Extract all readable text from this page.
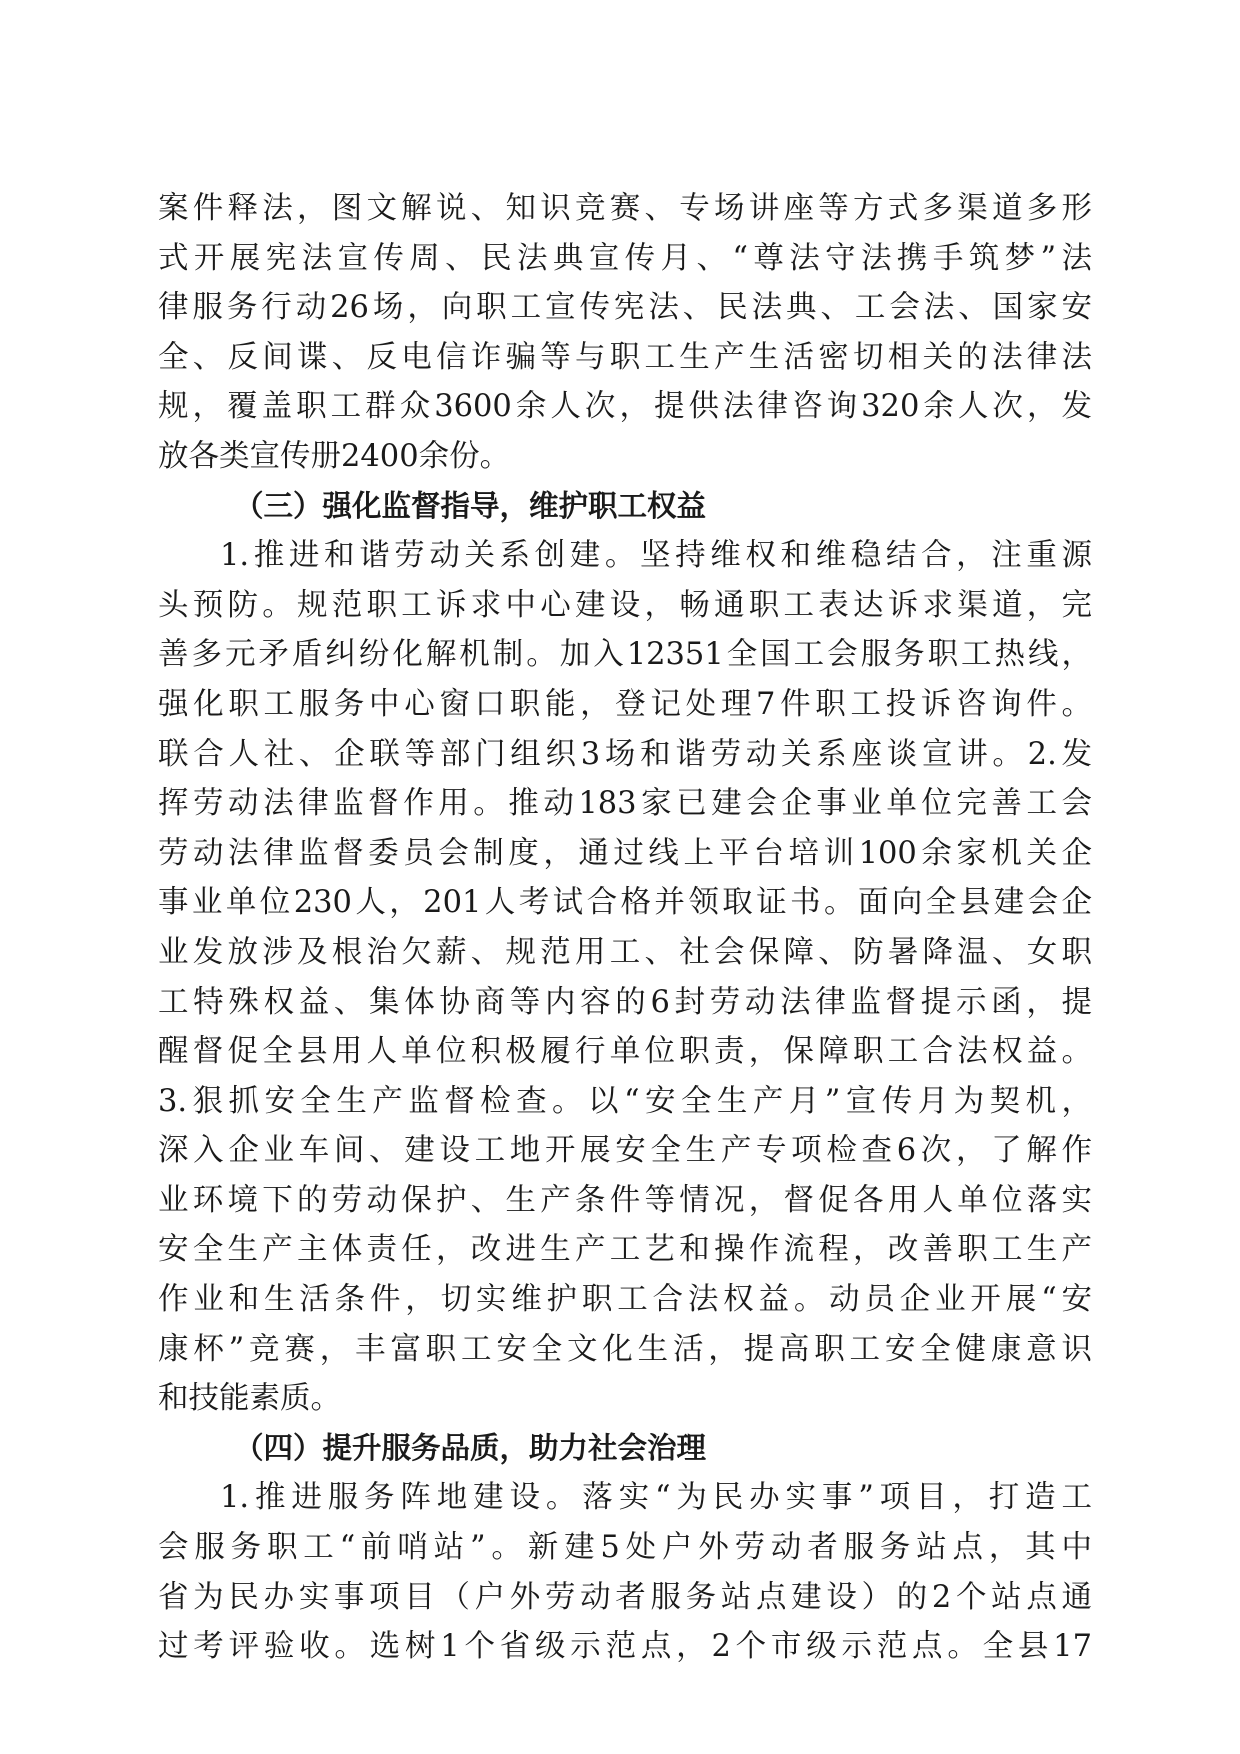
案件释法，图文解说、知识竞赛、专场讲座等方式多渠道多形
式开展宪法宣传周、民法典宣传月、“尊法守法携手筑梦”法
律服务行动26场，向职工宣传宪法、民法典、工会法、国家安
全、反间谍、反电信诈骗等与职工生产生活密切相关的法律法
规，覆盖职工群众3600余人次，提供法律咨询320余人次，发
放各类宣传册2400余份。
（三）强化监督指导，维护职工权益
1.推进和谐劳动关系创建。坚持维权和维稳结合，注重源
头预防。规范职工诉求中心建设，畅通职工表达诉求渠道，完
善多元矛盾纠纷化解机制。加入12351全国工会服务职工热线，
强化职工服务中心窗口职能，登记处理7件职工投诉咨询件。
联合人社、企联等部门组织3场和谐劳动关系座谈宣讲。2.发
挥劳动法律监督作用。推动183家已建会企事业单位完善工会
劳动法律监督委员会制度，通过线上平台培训100余家机关企
事业单位230人，201人考试合格并领取证书。面向全县建会企
业发放涉及根治欠薪、规范用工、社会保障、防暑降温、女职
工特殊权益、集体协商等内容的6封劳动法律监督提示函，提
醒督促全县用人单位积极履行单位职责，保障职工合法权益。
3.狠抓安全生产监督检查。以“安全生产月”宣传月为契机，
深入企业车间、建设工地开展安全生产专项检查6次，了解作
业环境下的劳动保护、生产条件等情况，督促各用人单位落实
安全生产主体责任，改进生产工艺和操作流程，改善职工生产
作业和生活条件，切实维护职工合法权益。动员企业开展“安
康杯”竞赛，丰富职工安全文化生活，提高职工安全健康意识
和技能素质。
（四）提升服务品质，助力社会治理
1.推进服务阵地建设。落实“为民办实事”项目，打造工
会服务职工“前哨站”。新建5处户外劳动者服务站点，其中
省为民办实事项目（户外劳动者服务站点建设）的2个站点通
过考评验收。选树1个省级示范点，2个市级示范点。全县17
